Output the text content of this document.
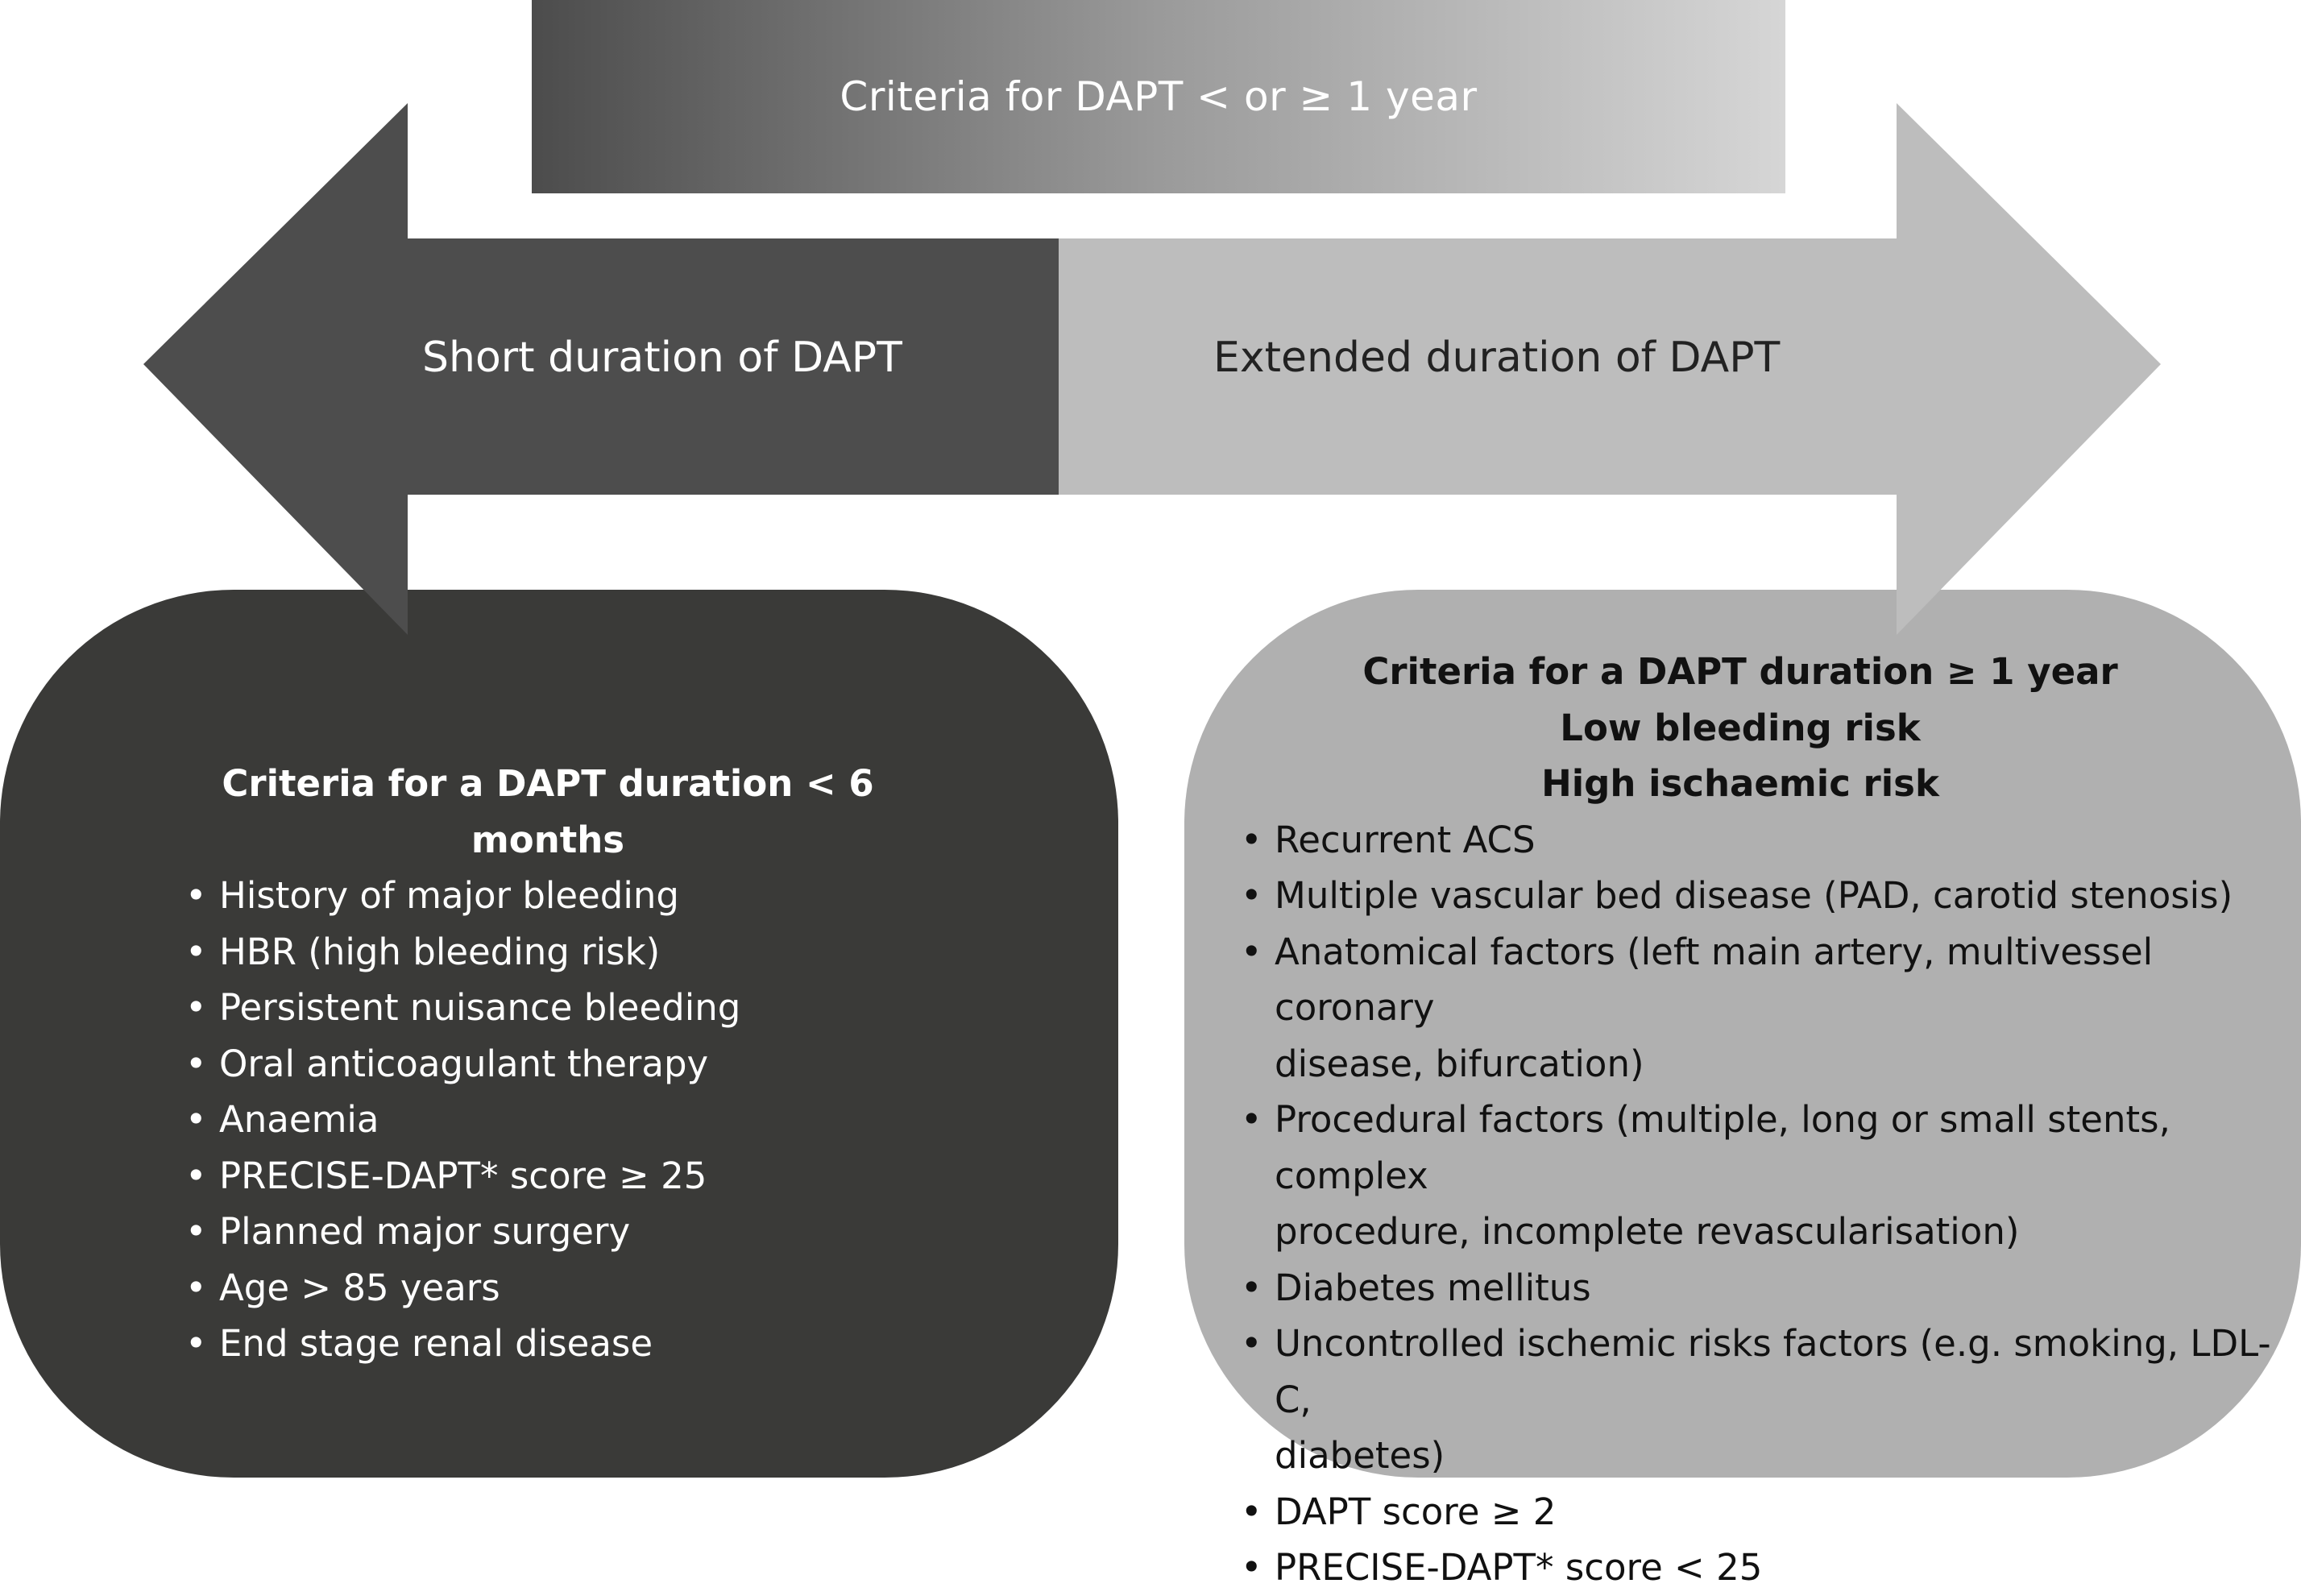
Criteria for DAPT < or ≥ 1 year
Short duration of DAPT	Extended duration of DAPT
Criteria for a DAPT duration < 6 months
• History of major bleeding
• HBR (high bleeding risk)
• Persistent nuisance bleeding
• Oral anticoagulant therapy
• Anaemia
• PRECISE-DAPT* score ≥ 25
• Planned major surgery
• Age > 85 years
• End stage renal disease
Criteria for a DAPT duration ≥ 1 year
Low bleeding risk
High ischaemic risk
• Recurrent ACS
• Multiple vascular bed disease (PAD, carotid stenosis)
• Anatomical factors (left main artery, multivessel coronary
disease, bifurcation)
• Procedural factors (multiple, long or small stents, complex
procedure, incomplete revascularisation)
• Diabetes mellitus
• Uncontrolled ischemic risks factors (e.g. smoking, LDL-C,
diabetes)
• DAPT score ≥ 2
• PRECISE-DAPT* score < 25
